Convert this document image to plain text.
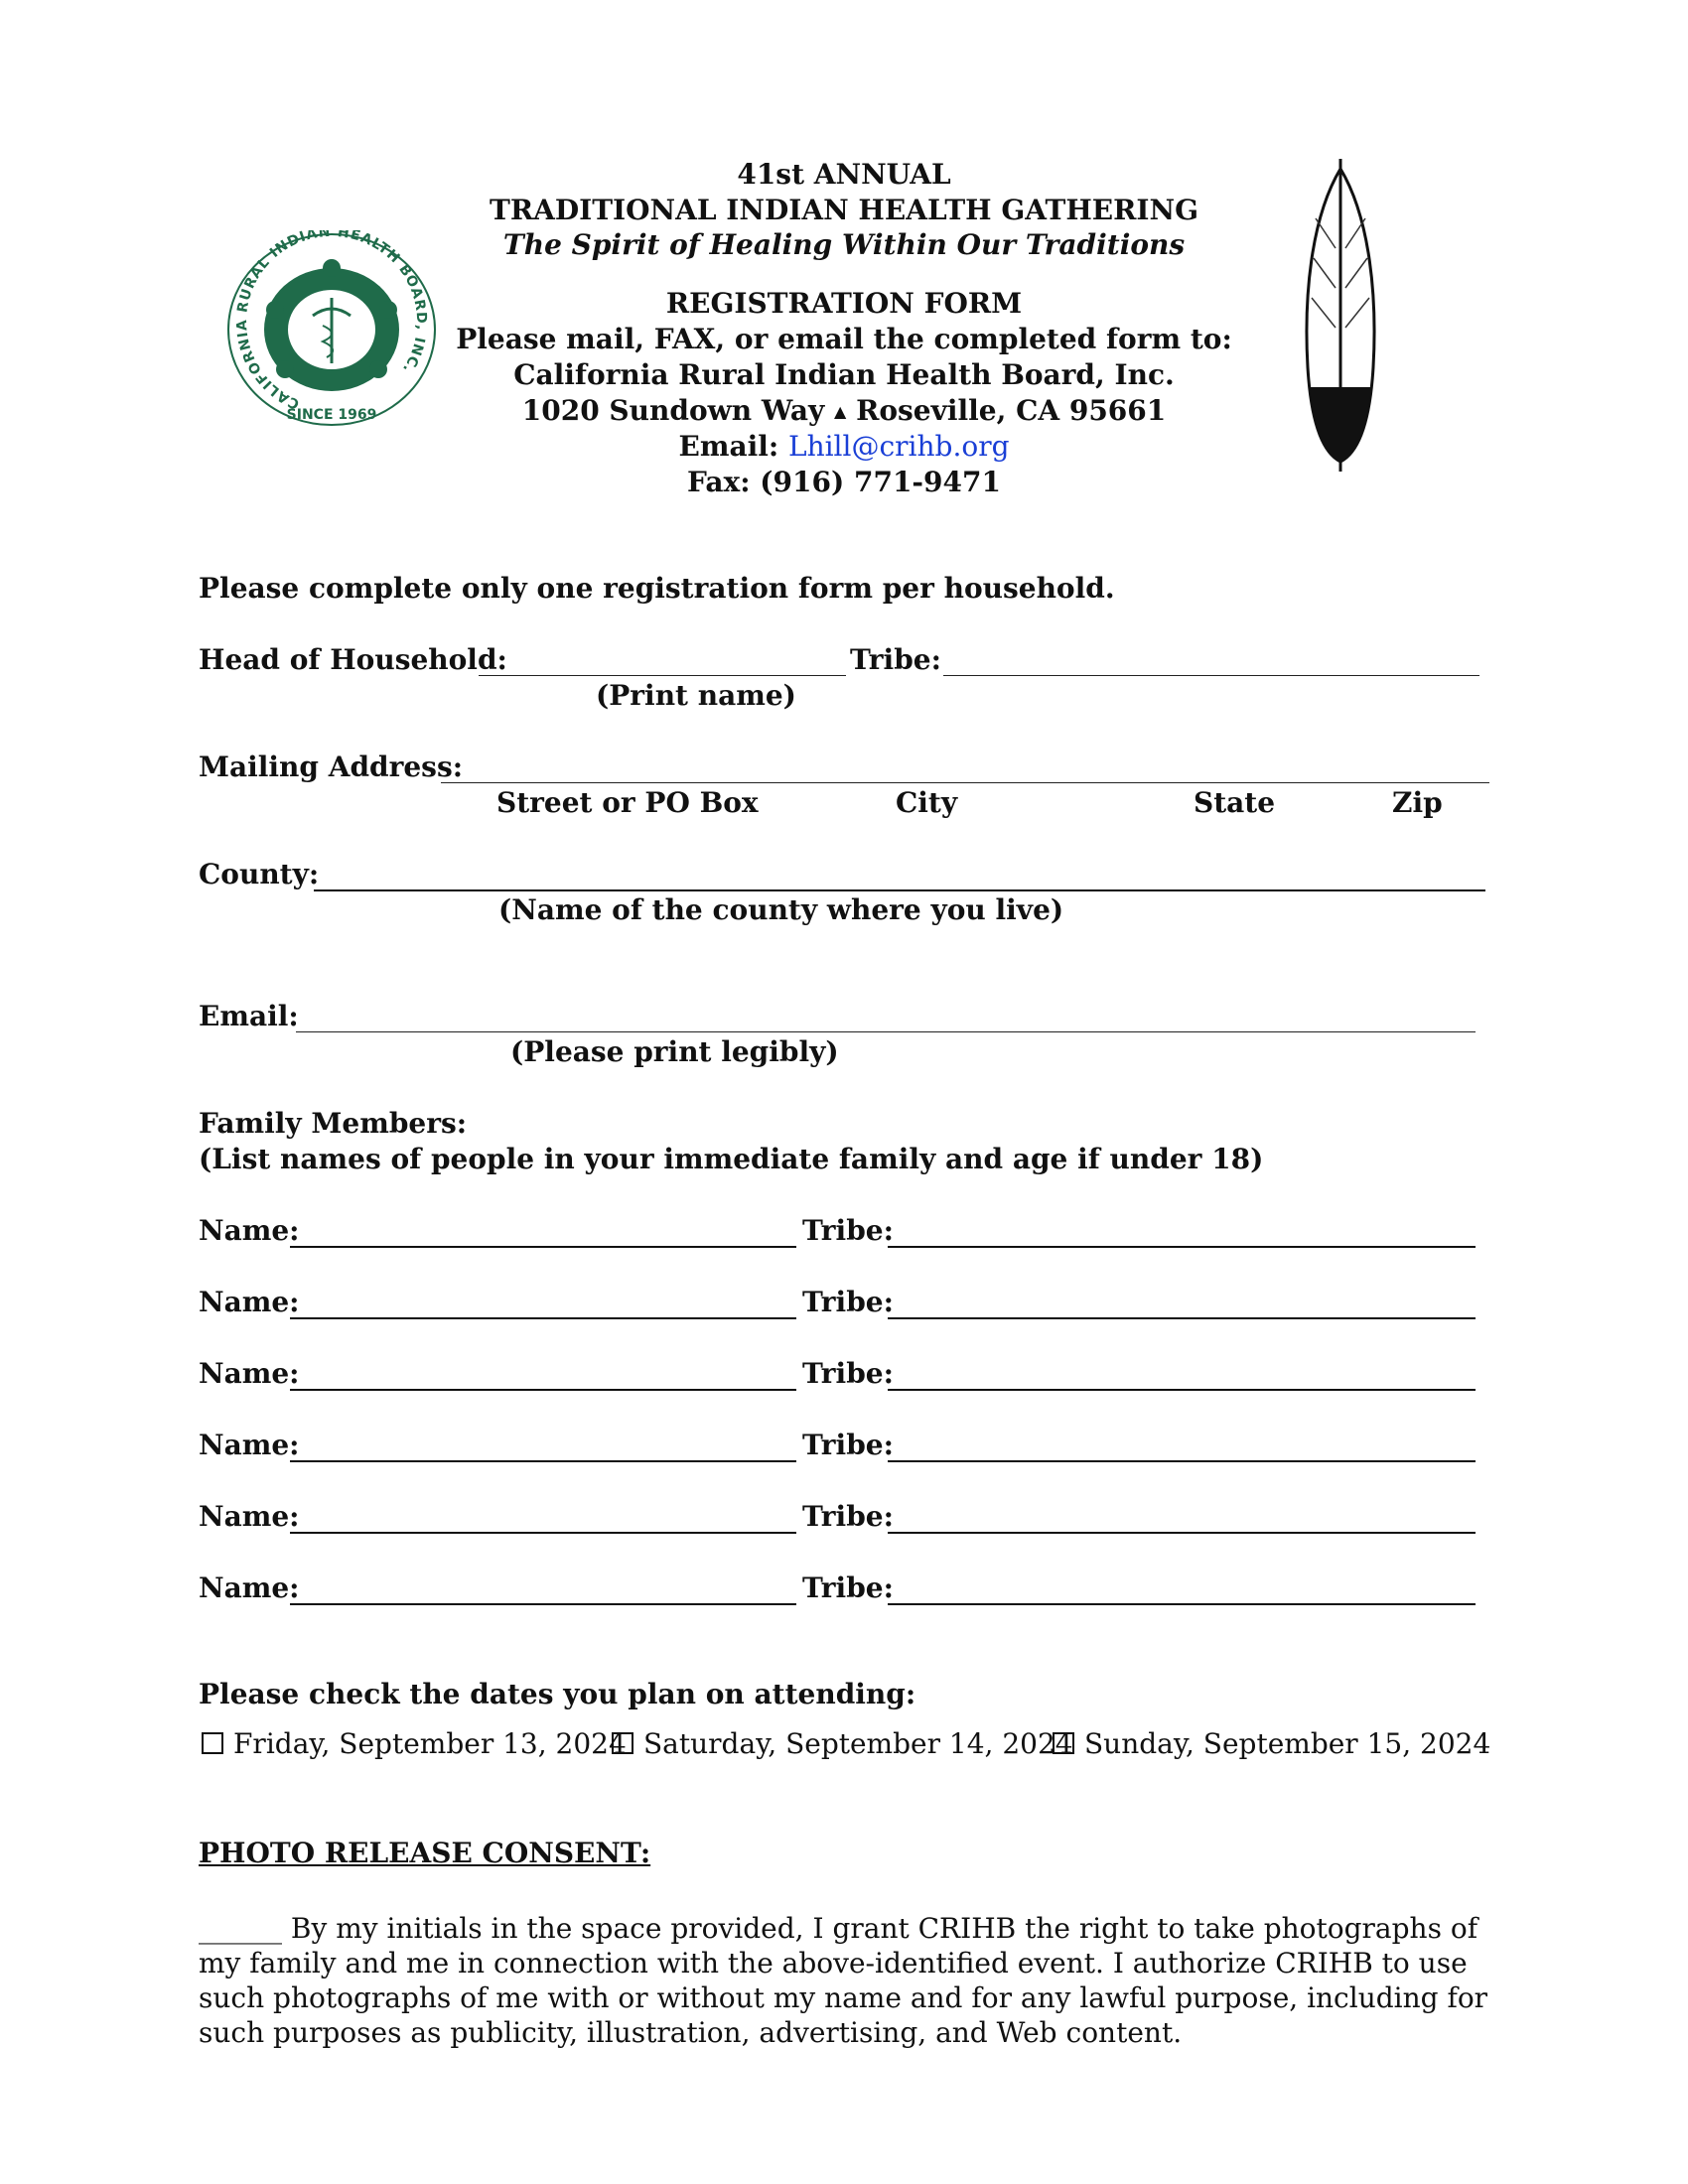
CALIFORNIA RURAL INDIAN HEALTH BOARD, INC.
SINCE 1969
41st ANNUAL
TRADITIONAL INDIAN HEALTH GATHERING
The Spirit of Healing Within Our Traditions
REGISTRATION FORM
Please mail, FAX, or email the completed form to:
California Rural Indian Health Board, Inc.
1020 Sundown Way ▲ Roseville, CA 95661
Email: Lhill@crihb.org
Fax: (916) 771-9471
Please complete only one registration form per household.
Head of Household:	Tribe:
(Print name)
Mailing Address:
Street or PO Box	City	State	Zip
County:
(Name of the county where you live)
Email:
(Please print legibly)
Family Members:
(List names of people in your immediate family and age if under 18)
Name:	Tribe:
Name:	Tribe:
Name:	Tribe:
Name:	Tribe:
Name:	Tribe:
Name:	Tribe:
Please check the dates you plan on attending:
Friday, September 13, 2024 Saturday, September 14, 2024 Sunday, September 15, 2024
PHOTO RELEASE CONSENT:
______ By my initials in the space provided, I grant CRIHB the right to take photographs of my family and me in connection with the above-identified event. I authorize CRIHB to use such photographs of me with or without my name and for any lawful purpose, including for such purposes as publicity, illustration, advertising, and Web content.
